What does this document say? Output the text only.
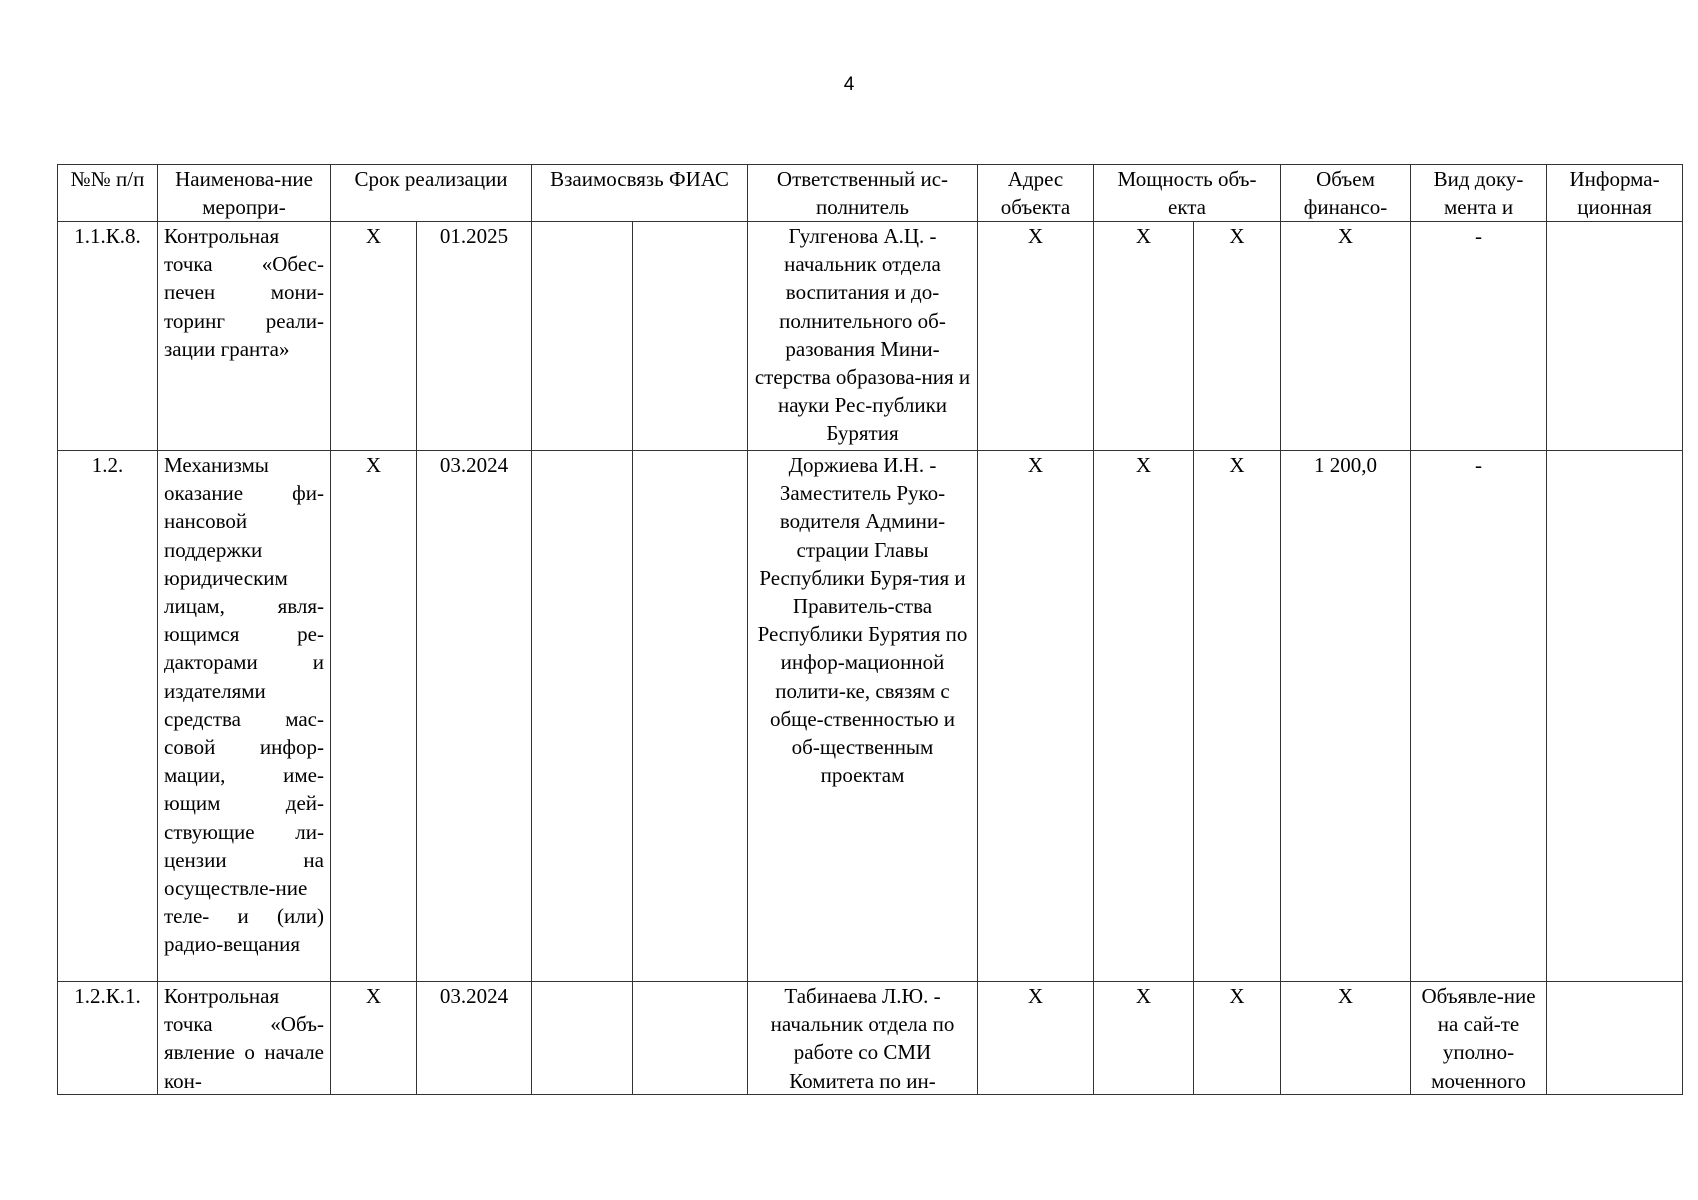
4
№№ п/п	Наименова-ние меропри-	Срок реализации		Взаимосвязь ФИАС		Ответственный ис-полнитель	Адрес объекта	Мощность объ-екта		Объем финансо-	Вид доку-мента и	Информа-ционная

1.1.К.8.	Контрольная точка «Обес-печен мони-торинг реали-зации гранта»	Х	01.2025			Гулгенова А.Ц. - начальник отдела воспитания и до-полнительного об-разования Мини-стерства образова-ния и науки Рес-публики Бурятия	Х	Х	Х	Х	-	
1.2.	Механизмы оказание фи-нансовой поддержки юридическим лицам, явля-ющимся ре-дакторами и издателями средства мас-совой инфор-мации, име-ющим дей-ствующие ли-цензии на осуществле-ние теле- и (или) радио-вещания	Х	03.2024			Доржиева И.Н. - Заместитель Руко-водителя Админи-страции Главы Республики Буря-тия и Правитель-ства Республики Бурятия по инфор-мационной полити-ке, связям с обще-ственностью и об-щественным проектам	Х	Х	Х	1 200,0	-	

1.2.К.1.	Контрольная точка «Объ-явление о начале кон-	Х	03.2024			Табинаева Л.Ю. - начальник отдела по работе со СМИ Комитета по ин-	Х	Х	Х	Х	Объявле-ние на сай-те уполно-моченного	
